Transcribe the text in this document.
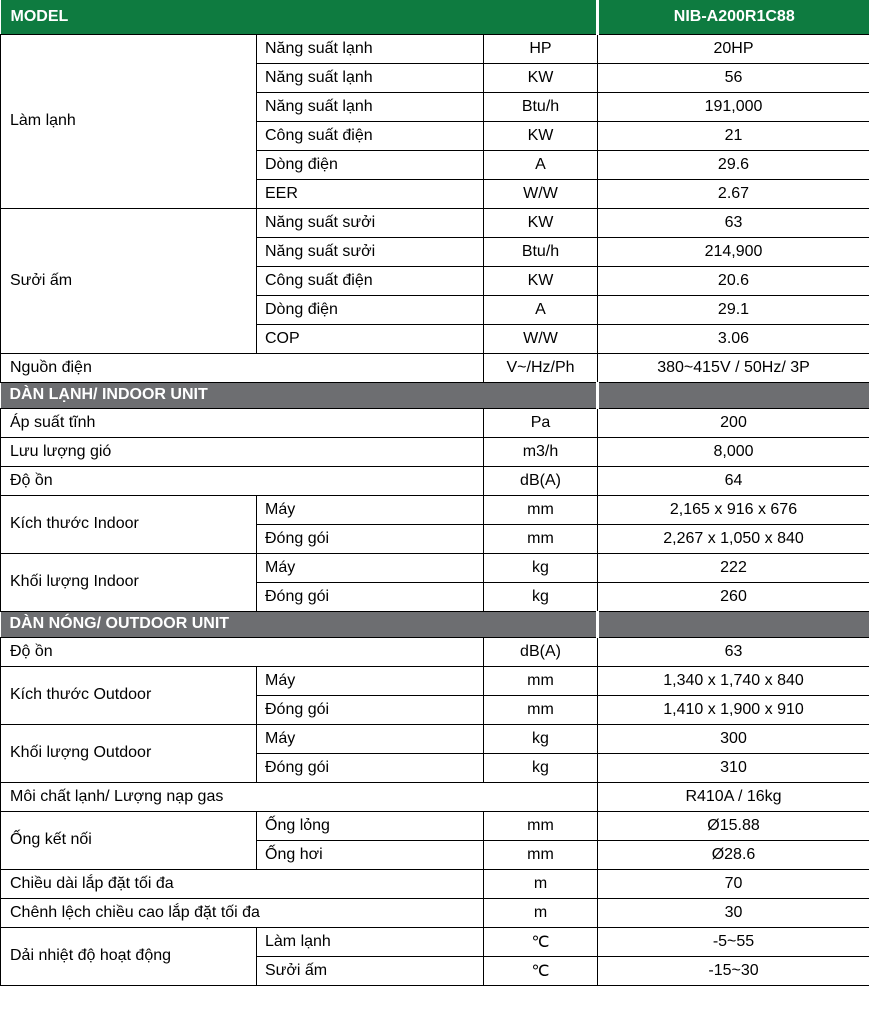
MODEL			NIB-A200R1C88
Làm lạnh	Năng suất lạnh	HP	20HP
	Năng suất lạnh	KW	56
	Năng suất lạnh	Btu/h	191,000
	Công suất điện	KW	21
	Dòng điện	A	29.6
	EER	W/W	2.67
Sưởi ấm	Năng suất sưởi	KW	63
	Năng suất sưởi	Btu/h	214,900
	Công suất điện	KW	20.6
	Dòng điện	A	29.1
	COP	W/W	3.06
Nguồn điện		V~/Hz/Ph	380~415V / 50Hz/ 3P
DÀN LẠNH/ INDOOR UNIT			
Áp suất tĩnh		Pa	200
Lưu lượng gió		m3/h	8,000
Độ ồn		dB(A)	64
Kích thước Indoor	Máy	mm	2,165 x 916 x 676
	Đóng gói	mm	2,267 x 1,050 x 840
Khối lượng Indoor	Máy	kg	222
	Đóng gói	kg	260
DÀN NÓNG/ OUTDOOR UNIT			
Độ ồn		dB(A)	63
Kích thước Outdoor	Máy	mm	1,340 x 1,740 x 840
	Đóng gói	mm	1,410 x 1,900 x 910
Khối lượng Outdoor	Máy	kg	300
	Đóng gói	kg	310
Môi chất lạnh/ Lượng nạp gas			R410A / 16kg
Ống kết nối	Ống lỏng	mm	Ø15.88
	Ống hơi	mm	Ø28.6
Chiều dài lắp đặt tối đa		m	70
Chênh lệch chiều cao lắp đặt tối đa		m	30
Dải nhiệt độ hoạt động	Làm lạnh	℃	-5~55
	Sưởi ấm	℃	-15~30
